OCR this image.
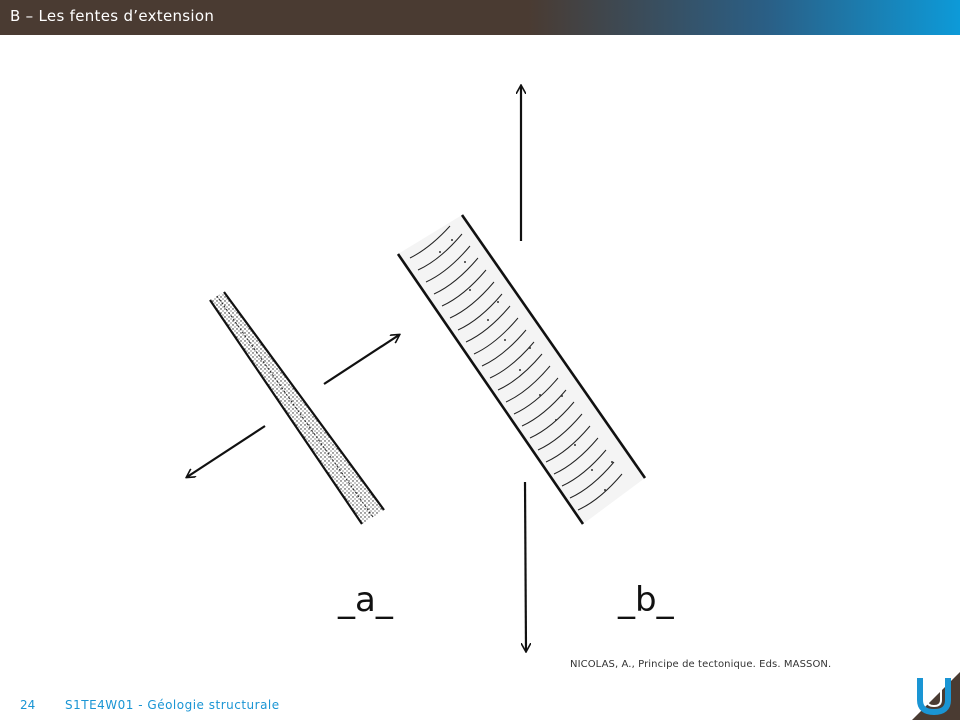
B – Les fentes d’extension
_a_	_b_
NICOLAS, A., Principe de tectonique. Eds. MASSON.
24 S1TE4W01 - Géologie structurale
